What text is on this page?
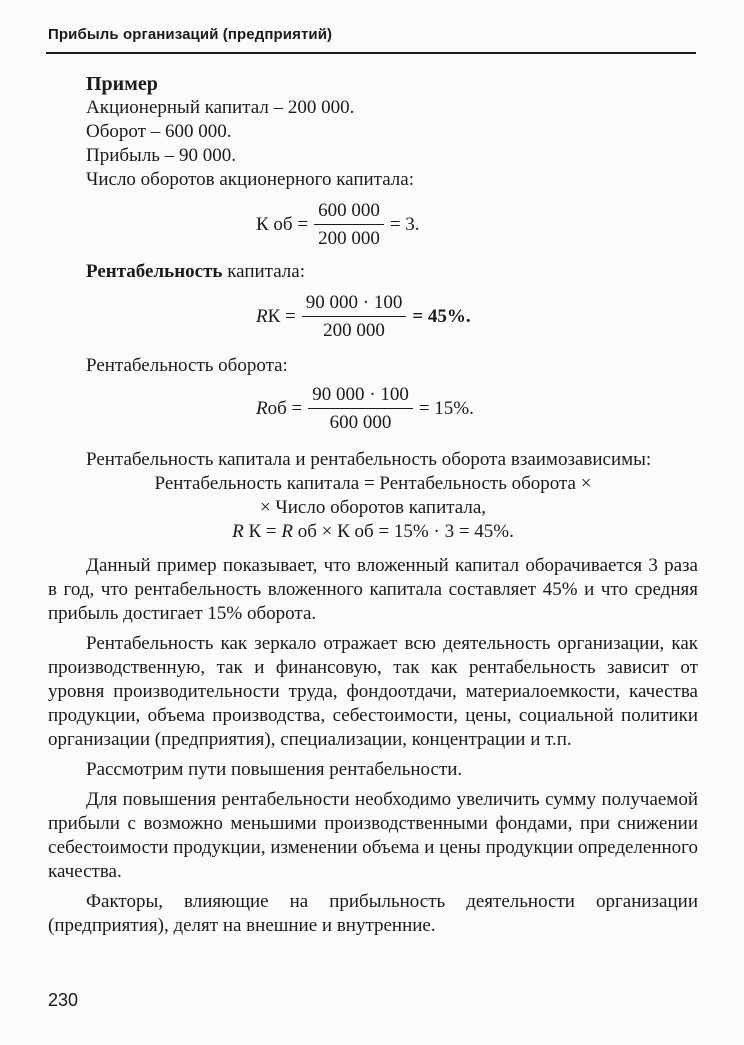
Прибыль организаций (предприятий)
Пример
Акционерный капитал – 200 000.
Оборот – 600 000.
Прибыль – 90 000.
Число оборотов акционерного капитала:
К об = $\frac{600 000}{200 000} = 3$.
Рентабельность капитала:
R $К = \frac{90 000 \cdot 100}{200 000} = 45\%$.
Рентабельность оборота:
R об = $\frac{90 000 \cdot 100}{600 000} = 15\%$.

Рентабельность капитала и рентабельность оборота взаимозависимы:

Рентабельность капитала = Рентабельность оборота ×
× Число оборотов капитала,
R К = R об × К об = 15% · 3 = 45%.

Данный пример показывает, что вложенный капитал оборачивается 3 раза в год, что рентабельность вложенного капитала составляет 45% и что средняя прибыль достигает 15% оборота.

Рентабельность как зеркало отражает всю деятельность организации, как производственную, так и финансовую, так как рентабельность зависит от уровня производительности труда, фондоотдачи, материалоемкости, качества продукции, объема производства, себестоимости, цены, социальной политики организации (предприятия), специализации, концентрации и т.п.

Рассмотрим пути повышения рентабельности.

Для повышения рентабельности необходимо увеличить сумму получаемой прибыли с возможно меньшими производственными фондами, при снижении себестоимости продукции, изменении объема и цены продукции определенного качества.

Факторы, влияющие на прибыльность деятельности организации (предприятия), делят на внешние и внутренние.

230
